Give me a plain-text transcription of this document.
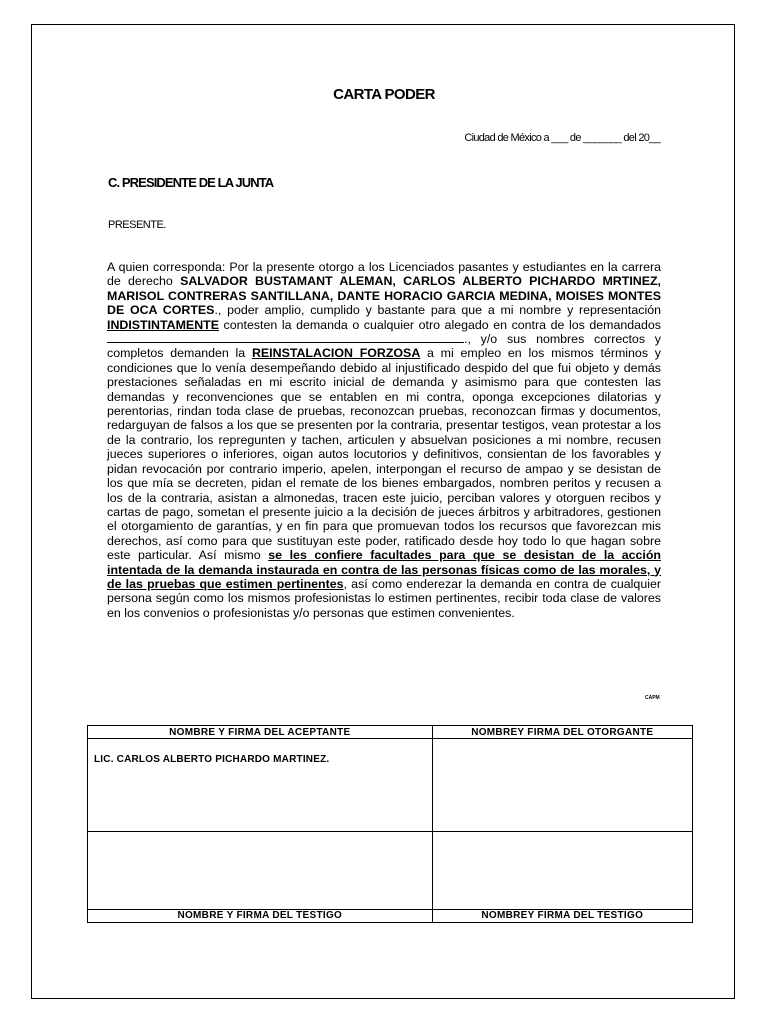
CARTA PODER
Ciudad de México a ___ de _______ del 20__
C. PRESIDENTE DE LA JUNTA
PRESENTE.
A quien corresponda: Por la presente otorgo a los Licenciados pasantes y estudiantes en la carrera de derecho SALVADOR BUSTAMANT ALEMAN, CARLOS ALBERTO PICHARDO MRTINEZ, MARISOL CONTRERAS SANTILLANA, DANTE HORACIO GARCIA MEDINA, MOISES MONTES DE OCA CORTES., poder amplio, cumplido y bastante para que a mi nombre y representación INDISTINTAMENTE contesten la demanda o cualquier otro alegado en contra de los demandados., y/o sus nombres correctos y completos demanden la REINSTALACION FORZOSA a mi empleo en los mismos términos y condiciones que lo venía desempeñando debido al injustificado despido del que fui objeto y demás prestaciones señaladas en mi escrito inicial de demanda y asimismo para que contesten las demandas y reconvenciones que se entablen en mi contra, oponga excepciones dilatorias y perentorias, rindan toda clase de pruebas, reconozcan pruebas, reconozcan firmas y documentos, redarguyan de falsos a los que se presenten por la contraria, presentar testigos, vean protestar a los de la contrario, los repregunten y tachen, articulen y absuelvan posiciones a mi nombre, recusen jueces superiores o inferiores, oigan autos locutorios y definitivos, consientan de los favorables y pidan revocación por contrario imperio, apelen, interpongan el recurso de ampao y se desistan de los que mía se decreten, pidan el remate de los bienes embargados, nombren peritos y recusen a los de la contraria, asistan a almonedas, tracen este juicio, perciban valores y otorguen recibos y cartas de pago, sometan el presente juicio a la decisión de jueces árbitros y arbitradores, gestionen el otorgamiento de garantías, y en fin para que promuevan todos los recursos que favorezcan mis derechos, así como para que sustituyan este poder, ratificado desde hoy todo lo que hagan sobre este particular. Así mismo se les confiere facultades para que se desistan de la acción intentada de la demanda instaurada en contra de las personas físicas como de las morales, y de las pruebas que estimen pertinentes, así como enderezar la demanda en contra de cualquier persona según como los mismos profesionistas lo estimen pertinentes, recibir toda clase de valores en los convenios o profesionistas y/o personas que estimen convenientes.
CAPM
NOMBRE Y FIRMA DEL ACEPTANTE	NOMBREY FIRMA DEL OTORGANTE

LIC. CARLOS ALBERTO PICHARDO MARTINEZ.	

NOMBRE Y FIRMA DEL TESTIGO	NOMBREY FIRMA DEL TESTIGO
